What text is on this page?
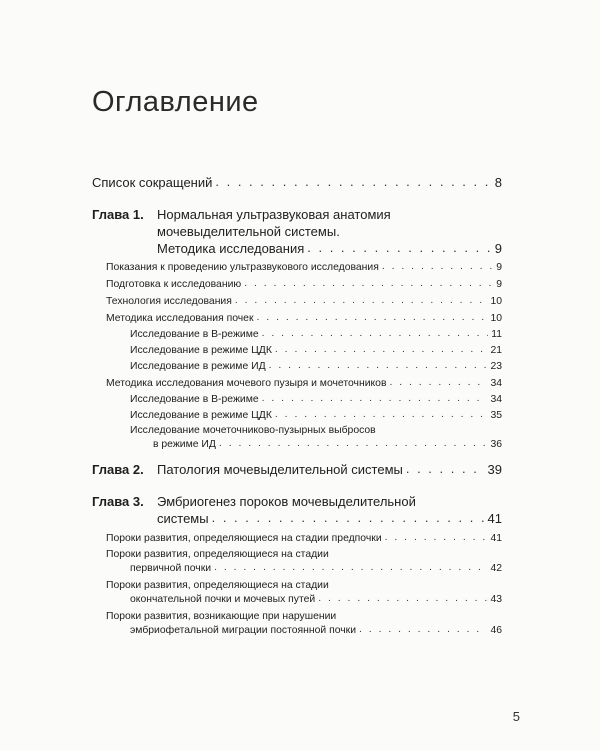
Оглавление
Список сокращений . . .	8
Глава 1. Нормальная ультразвуковая анатомия
мочевыделительной системы.
Методика исследования . . .	9
Показания к проведению ультразвукового исследования . . .	9
Подготовка к исследованию . . .	9
Технология исследования . . .	10
Методика исследования почек . . .	10
Исследование в В-режиме . . .	11
Исследование в режиме ЦДК . . .	21
Исследование в режиме ИД . . .	23
Методика исследования мочевого пузыря и мочеточников . . .	34
Исследование в В-режиме . . .	34
Исследование в режиме ЦДК . . .	35
Исследование мочеточниково-пузырных выбросов
в режиме ИД . . .	36
Глава 2. Патология мочевыделительной системы . . .	39
Глава 3. Эмбриогенез пороков мочевыделительной
системы . . .	41
Пороки развития, определяющиеся на стадии предпочки . . .	41
Пороки развития, определяющиеся на стадии
первичной почки . . .	42
Пороки развития, определяющиеся на стадии
окончательной почки и мочевых путей . . .	43
Пороки развития, возникающие при нарушении
эмбриофетальной миграции постоянной почки . . .	46
5
